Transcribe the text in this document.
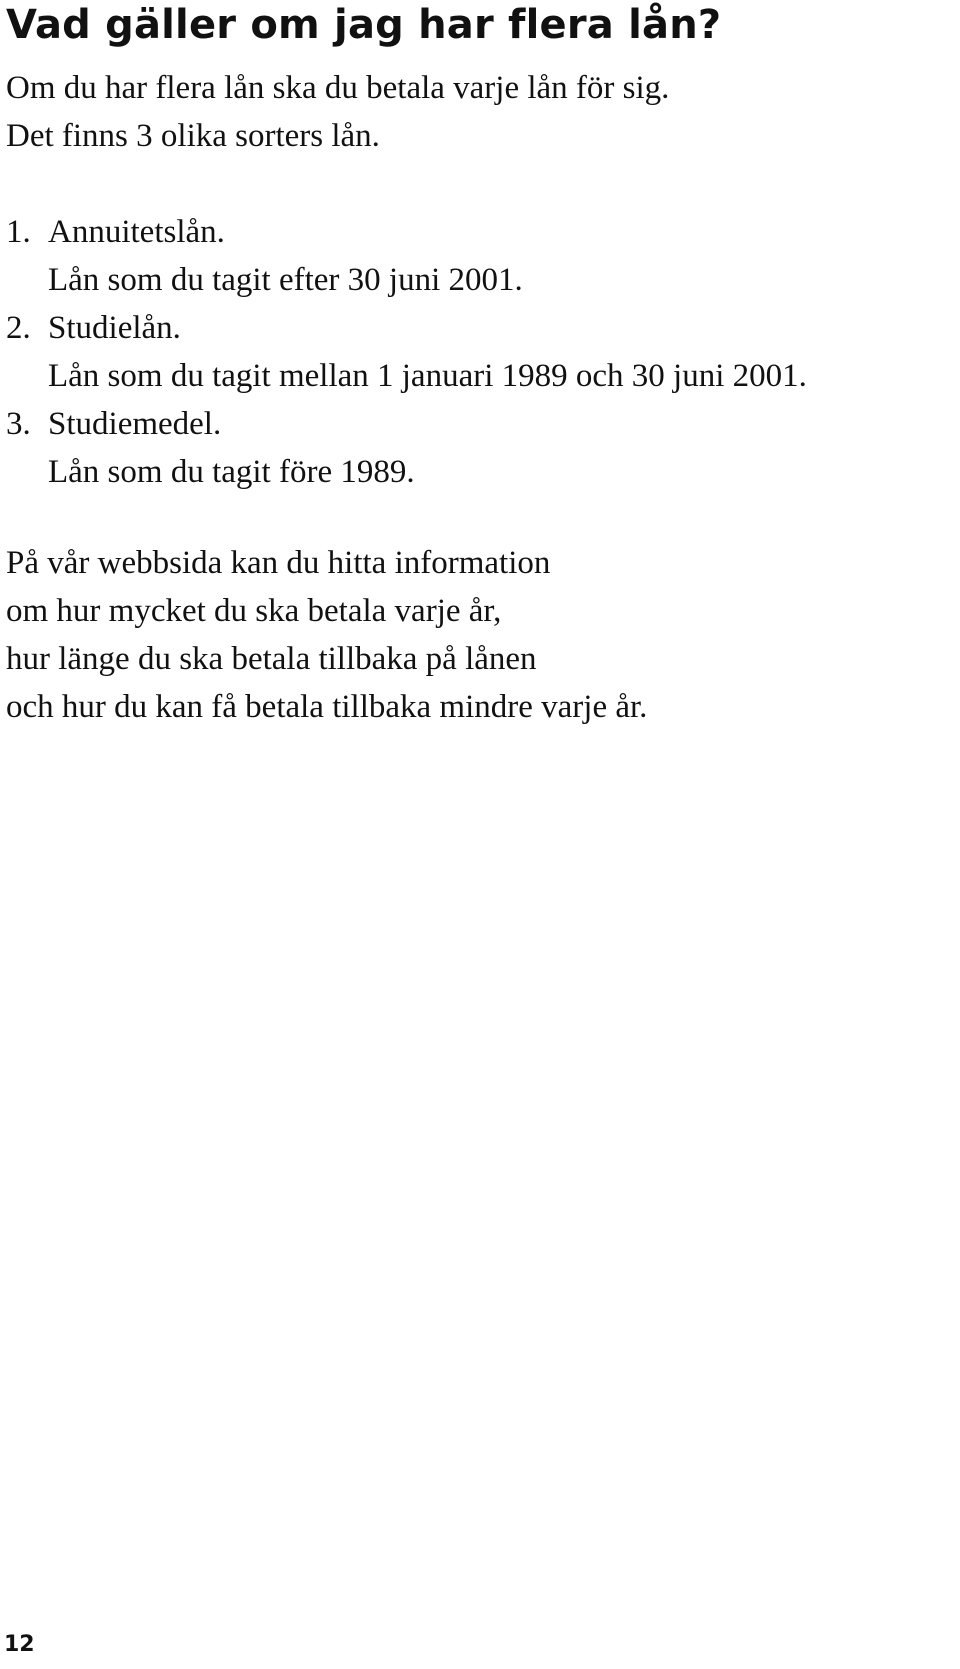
Vad gäller om jag har flera lån?

Om du har flera lån ska du betala varje lån för sig.

Det finns 3 olika sorters lån.

1. Annuitetslån.
Lån som du tagit efter 30 juni 2001.
2. Studielån.
Lån som du tagit mellan 1 januari 1989 och 30 juni 2001.
3. Studiemedel.
Lån som du tagit före 1989.

På vår webbsida kan du hitta information

om hur mycket du ska betala varje år,

hur länge du ska betala tillbaka på lånen

och hur du kan få betala tillbaka mindre varje år.

12
